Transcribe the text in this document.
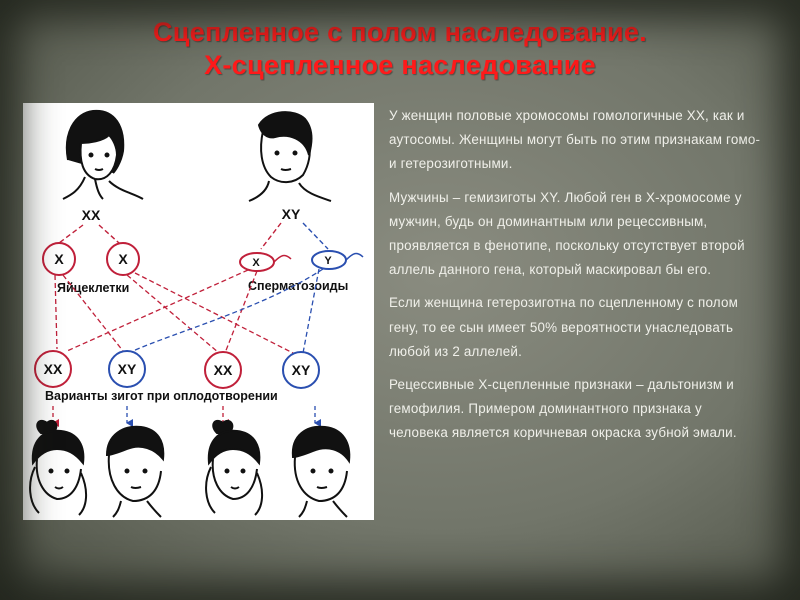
Сцепленное с полом наследование.
Х-сцепленное наследование
XX	XY
X	X	X	Y
Яйцеклетки	Сперматозоиды
XX	XY	XX	XY
Варианты зигот при оплодотворении

У женщин половые хромосомы гомологичные ХХ, как и аутосомы. Женщины могут быть по этим признакам гомо- и гетерозиготными.

Мужчины – гемизиготы ХY. Любой ген в Х-хромосоме у мужчин, будь он доминантным или рецессивным, проявляется в фенотипе, поскольку отсутствует второй аллель данного гена, который маскировал бы его.

Если женщина гетерозиготна по сцепленному с полом гену, то ее сын имеет 50% вероятности унаследовать любой из 2 аллелей.

Рецессивные Х-сцепленные признаки – дальтонизм и гемофилия. Примером доминантного признака у человека является коричневая окраска зубной эмали.
